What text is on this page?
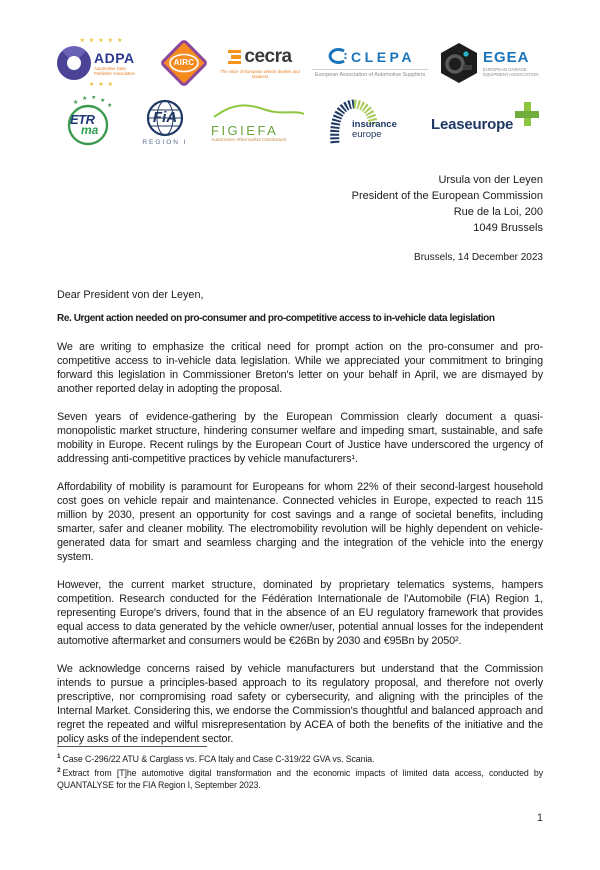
★★★★★
ADPA
Automotive Data Publisher Association
★★★
AIRC	cecra
The voice of European vehicle dealers and repairers
CLEPA
European Association of Automotive Suppliers
EGEA
EUROPEAN GARAGE EQUIPMENT ASSOCIATION
★
★ ★ ★
★
ETR
ma
FiA
REGION I
FIGIEFA
Automotive Aftermarket Distributors
insurance
europe
Leaseurope
Ursula von der Leyen
President of the European Commission
Rue de la Loi, 200
1049 Brussels
Brussels, 14 December 2023
Dear President von der Leyen,
Re. Urgent action needed on pro-consumer and pro-competitive access to in-vehicle data legislation

We are writing to emphasize the critical need for prompt action on the pro-consumer and pro-competitive access to in-vehicle data legislation. While we appreciated your commitment to bringing forward this legislation in Commissioner Breton's letter on your behalf in April, we are dismayed by another reported delay in adopting the proposal.

Seven years of evidence-gathering by the European Commission clearly document a quasi-monopolistic market structure, hindering consumer welfare and impeding smart, sustainable, and safe mobility in Europe. Recent rulings by the European Court of Justice have underscored the urgency of addressing anti-competitive practices by vehicle manufacturers¹.

Affordability of mobility is paramount for Europeans for whom 22% of their second-largest household cost goes on vehicle repair and maintenance. Connected vehicles in Europe, expected to reach 115 million by 2030, present an opportunity for cost savings and a range of societal benefits, including smarter, safer and cleaner mobility. The electromobility revolution will be highly dependent on vehicle-generated data for smart and seamless charging and the integration of the vehicle into the energy system.

However, the current market structure, dominated by proprietary telematics systems, hampers competition. Research conducted for the Fédération Internationale de l'Automobile (FIA) Region 1, representing Europe's drivers, found that in the absence of an EU regulatory framework that provides equal access to data generated by the vehicle owner/user, potential annual losses for the independent automotive aftermarket and consumers would be €26Bn by 2030 and €95Bn by 2050².

We acknowledge concerns raised by vehicle manufacturers but understand that the Commission intends to pursue a principles-based approach to its regulatory proposal, and therefore not overly prescriptive, nor compromising road safety or cybersecurity, and aligning with the principles of the Internal Market. Considering this, we endorse the Commission's thoughtful and balanced approach and regret the repeated and wilful misrepresentation by ACEA of both the benefits of the initiative and the policy asks of the independent sector.

$^1$ Case C-296/22 ATU & Carglass vs. FCA Italy and Case C-319/22 GVA vs. Scania.
$^2$ Extract from [T]he automotive digital transformation and the economic impacts of limited data access, conducted by QUANTALYSE for the FIA Region I, September 2023.
1
